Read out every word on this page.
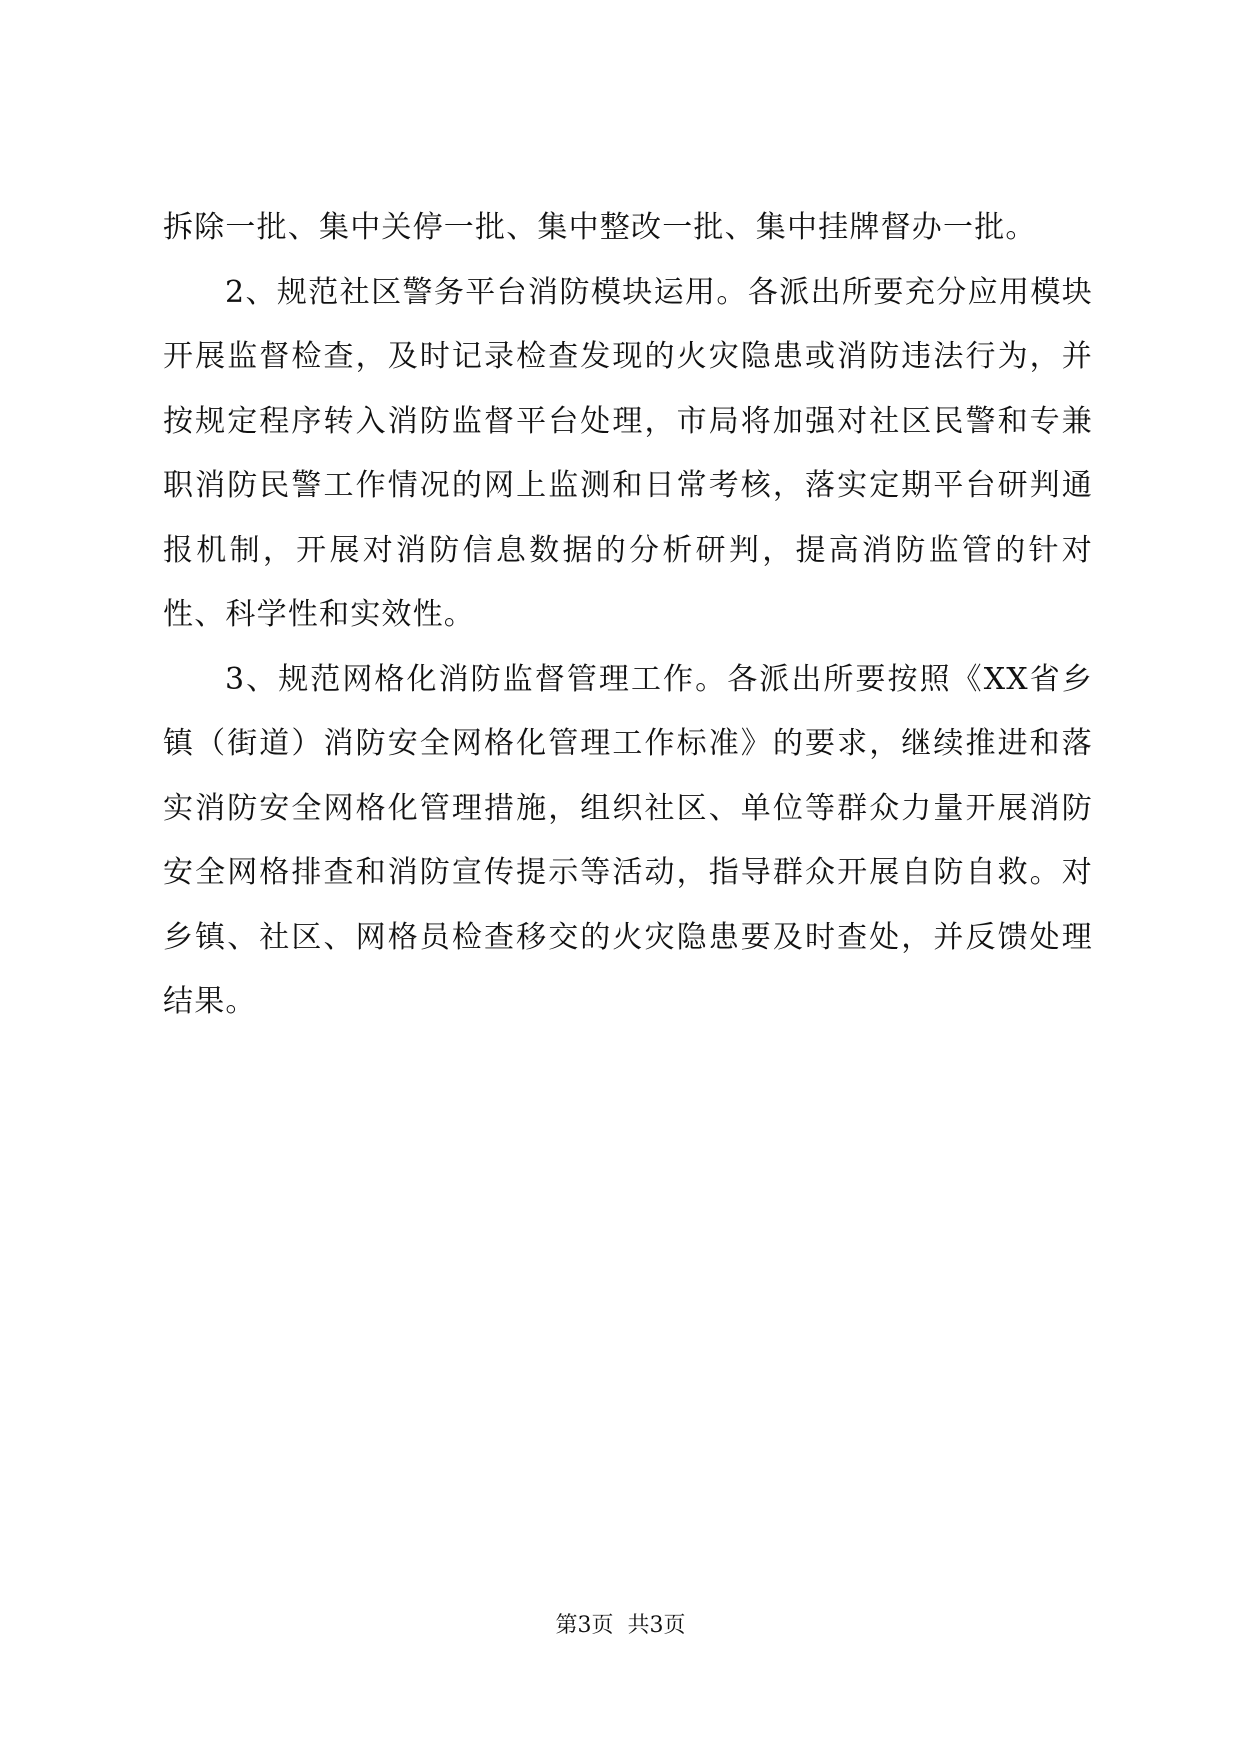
拆除一批、集中关停一批、集中整改一批、集中挂牌督办一批。

2、规范社区警务平台消防模块运用。各派出所要充分应用模块开展监督检查，及时记录检查发现的火灾隐患或消防违法行为，并按规定程序转入消防监督平台处理，市局将加强对社区民警和专兼职消防民警工作情况的网上监测和日常考核，落实定期平台研判通报机制，开展对消防信息数据的分析研判，提高消防监管的针对性、科学性和实效性。

3、规范网格化消防监督管理工作。各派出所要按照《XX省乡镇（街道）消防安全网格化管理工作标准》的要求，继续推进和落实消防安全网格化管理措施，组织社区、单位等群众力量开展消防安全网格排查和消防宣传提示等活动，指导群众开展自防自救。对乡镇、社区、网格员检查移交的火灾隐患要及时查处，并反馈处理结果。

第3页 共3页
